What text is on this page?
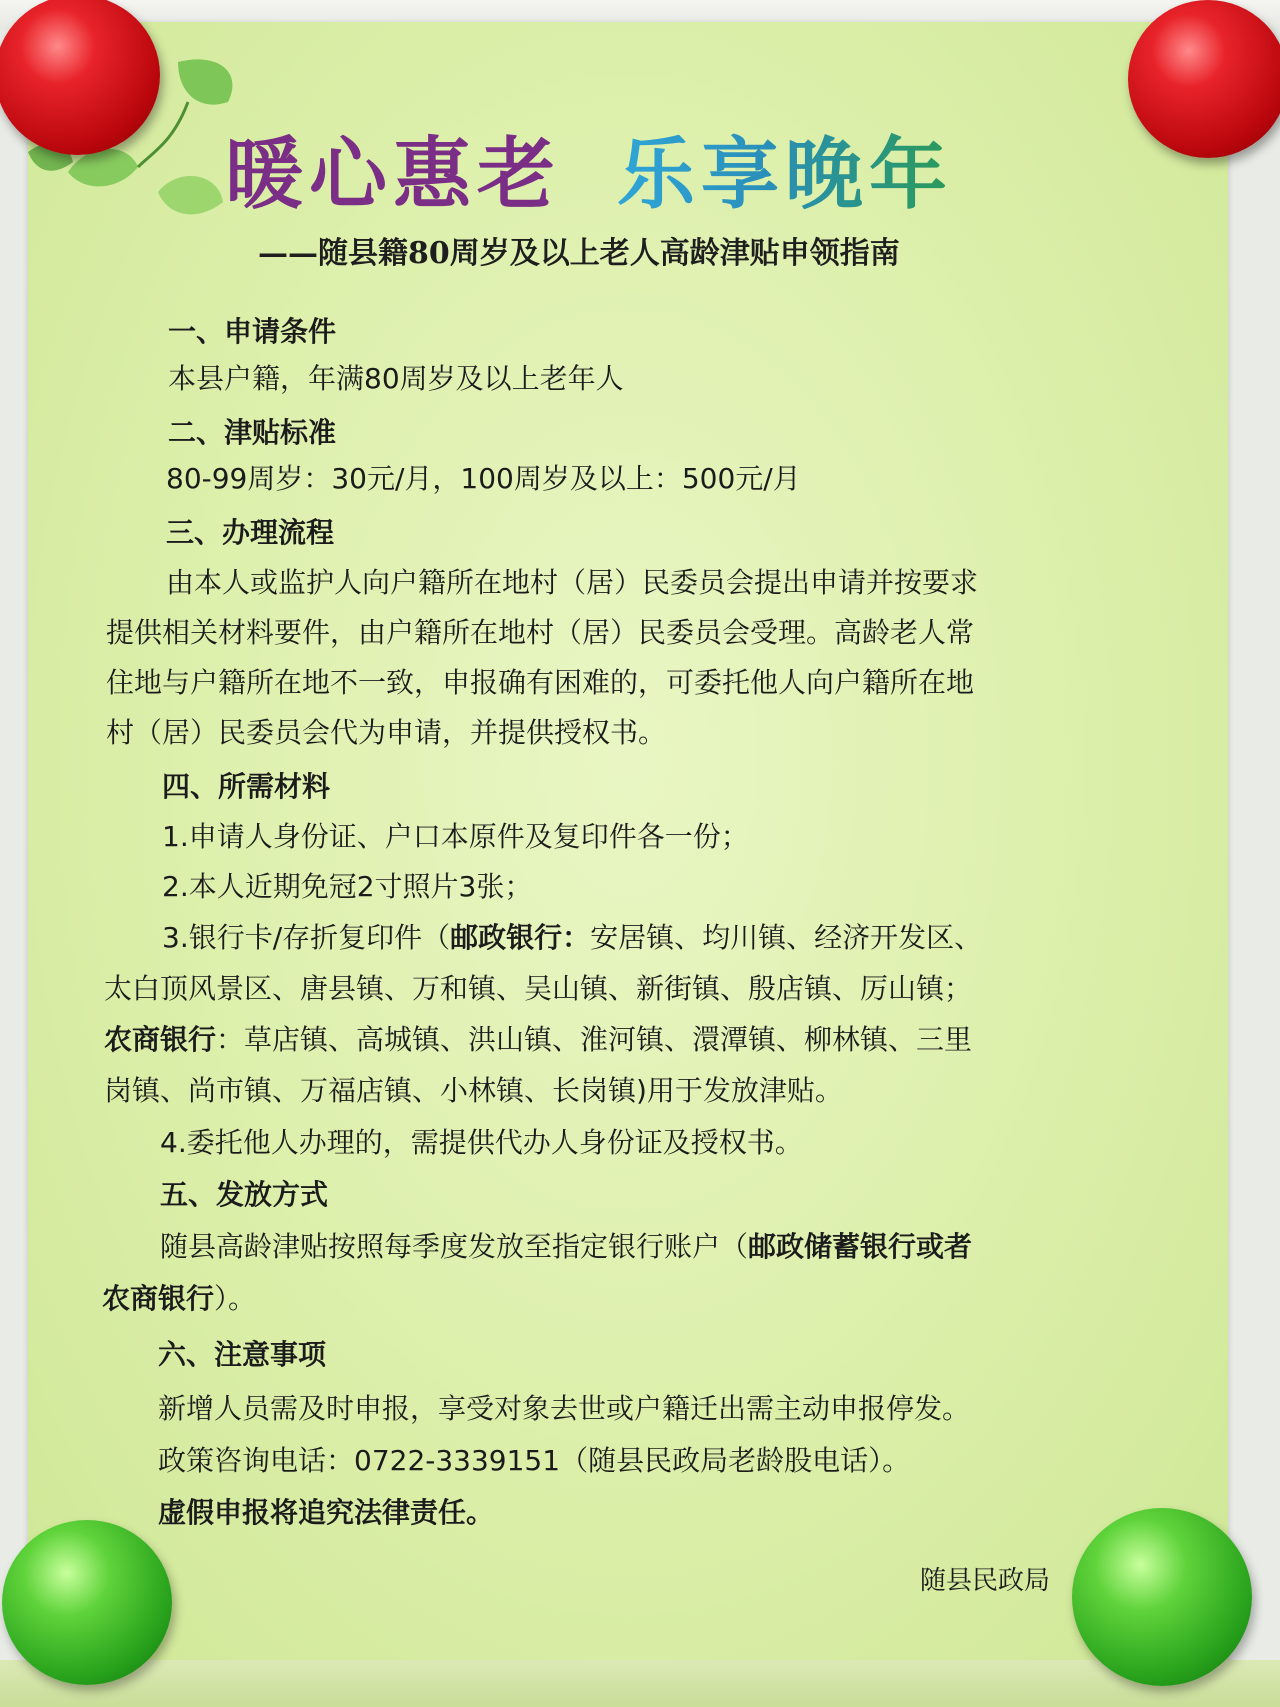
暖心惠老 乐享晚年
——随县籍80周岁及以上老人高龄津贴申领指南
一、申请条件
本县户籍，年满80周岁及以上老年人
二、津贴标准
80-99周岁：30元/月，100周岁及以上：500元/月
三、办理流程
由本人或监护人向户籍所在地村（居）民委员会提出申请并按要求
提供相关材料要件，由户籍所在地村（居）民委员会受理。高龄老人常
住地与户籍所在地不一致，申报确有困难的，可委托他人向户籍所在地
村（居）民委员会代为申请，并提供授权书。
四、所需材料
1.申请人身份证、户口本原件及复印件各一份；
2.本人近期免冠2寸照片3张；
3.银行卡/存折复印件（邮政银行：安居镇、均川镇、经济开发区、
太白顶风景区、唐县镇、万和镇、吴山镇、新街镇、殷店镇、厉山镇；
农商银行：草店镇、高城镇、洪山镇、淮河镇、澴潭镇、柳林镇、三里
岗镇、尚市镇、万福店镇、小林镇、长岗镇)用于发放津贴。
4.委托他人办理的，需提供代办人身份证及授权书。
五、发放方式
随县高龄津贴按照每季度发放至指定银行账户（邮政储蓄银行或者
农商银行）。
六、注意事项
新增人员需及时申报，享受对象去世或户籍迁出需主动申报停发。
政策咨询电话：0722-3339151（随县民政局老龄股电话）。
虚假申报将追究法律责任。
随县民政局
